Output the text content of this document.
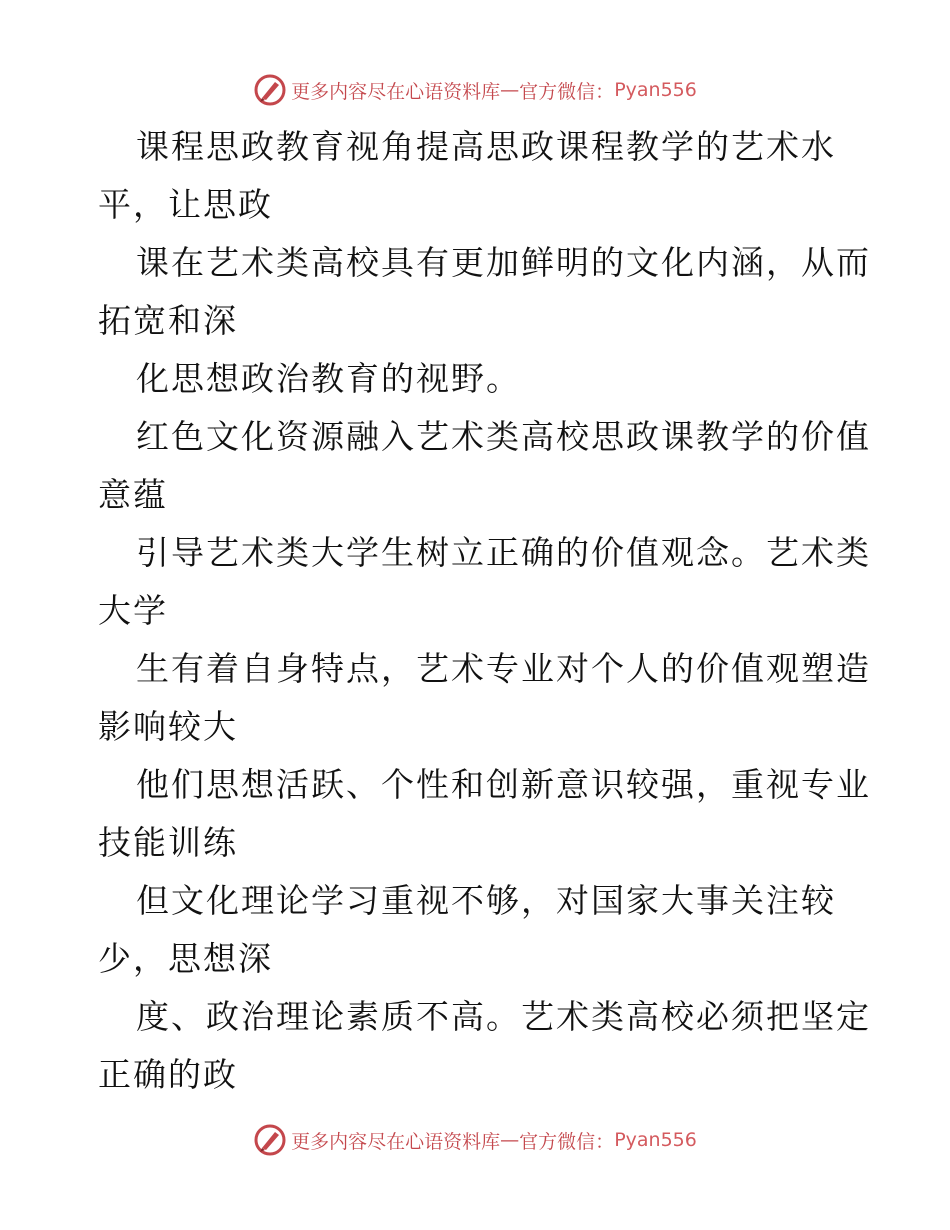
更多内容尽在心语资料库 — 官方微信： Pyan556
课程思政教育视角提高思政课程教学的艺术水
平，让思政
课在艺术类高校具有更加鲜明的文化内涵，从而
拓宽和深
化思想政治教育的视野。
红色文化资源融入艺术类高校思政课教学的价值
意蕴
引导艺术类大学生树立正确的价值观念。艺术类
大学
生有着自身特点，艺术专业对个人的价值观塑造
影响较大
他们思想活跃、个性和创新意识较强，重视专业
技能训练
但文化理论学习重视不够，对国家大事关注较
少，思想深
度、政治理论素质不高。艺术类高校必须把坚定
正确的政
更多内容尽在心语资料库 — 官方微信： Pyan556
